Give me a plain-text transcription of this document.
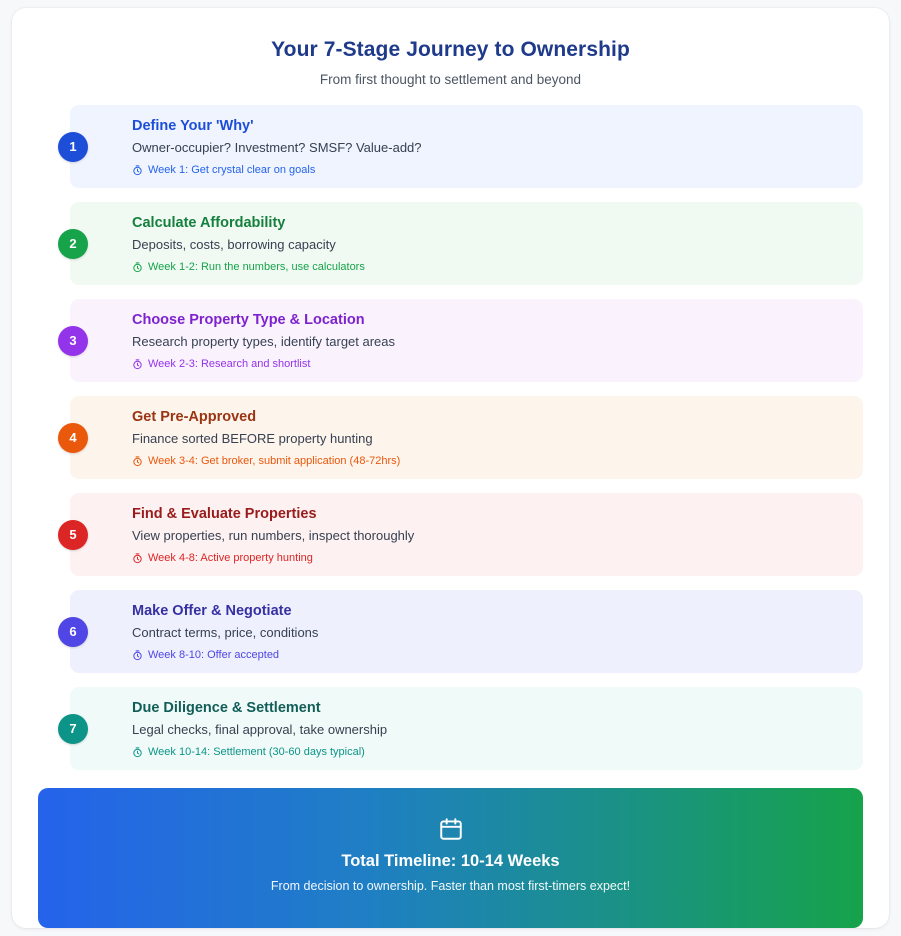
Your 7-Stage Journey to Ownership

From first thought to settlement and beyond

Define Your 'Why'
Owner-occupier? Investment? SMSF? Value-add?
Week 1: Get crystal clear on goals
1
Calculate Affordability
Deposits, costs, borrowing capacity
Week 1-2: Run the numbers, use calculators
2
Choose Property Type & Location
Research property types, identify target areas
Week 2-3: Research and shortlist
3
Get Pre-Approved
Finance sorted BEFORE property hunting
Week 3-4: Get broker, submit application (48-72hrs)
4
Find & Evaluate Properties
View properties, run numbers, inspect thoroughly
Week 4-8: Active property hunting
5
Make Offer & Negotiate
Contract terms, price, conditions
Week 8-10: Offer accepted
6
Due Diligence & Settlement
Legal checks, final approval, take ownership
Week 10-14: Settlement (30-60 days typical)
7
Total Timeline: 10-14 Weeks
From decision to ownership. Faster than most first-timers expect!
